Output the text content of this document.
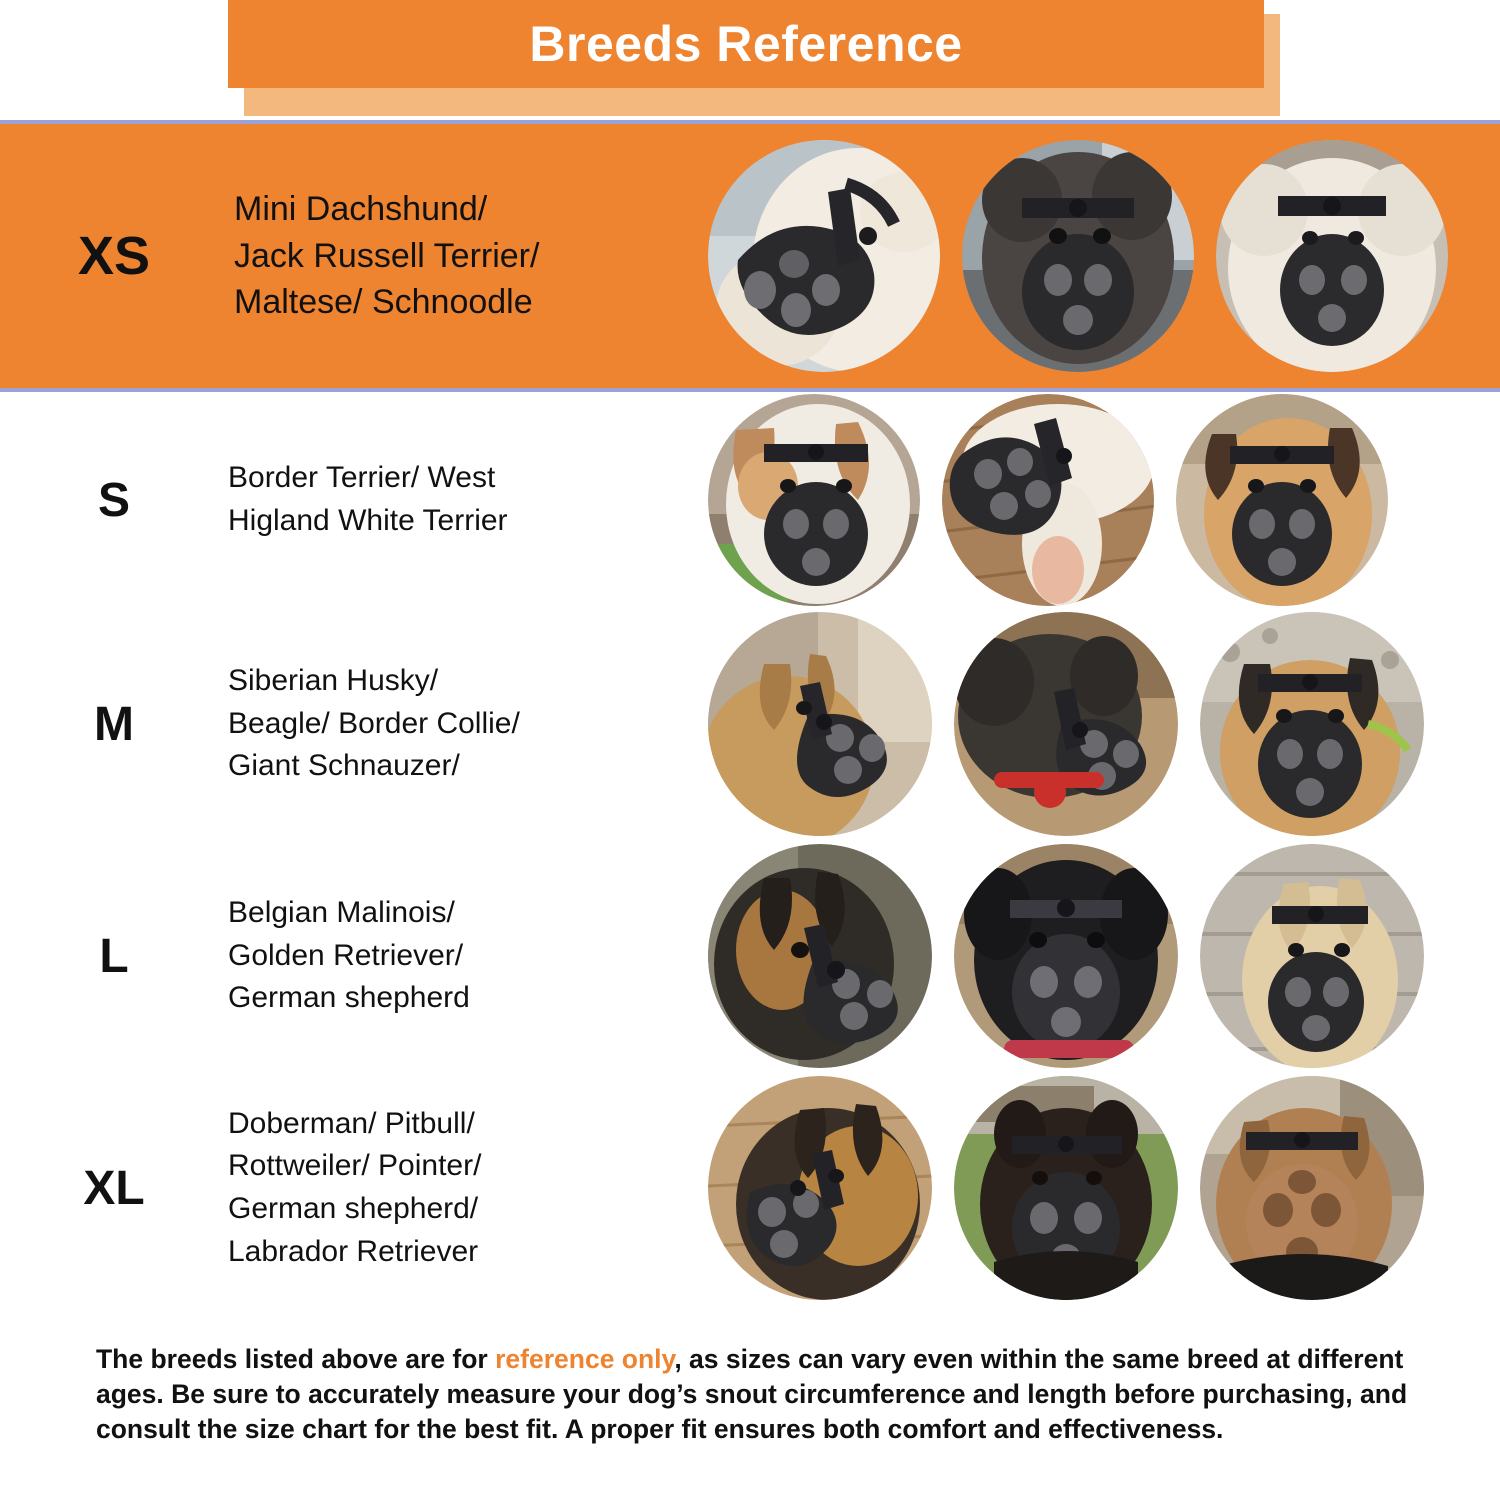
Breeds Reference
XS
Mini Dachshund/
Jack Russell Terrier/
Maltese/ Schnoodle
S	Border Terrier/ West
Higland White Terrier
M
Siberian Husky/
Beagle/ Border Collie/
Giant Schnauzer/
L
Belgian Malinois/
Golden Retriever/
German shepherd
XL
Doberman/ Pitbull/
Rottweiler/ Pointer/
German shepherd/
Labrador Retriever
The breeds listed above are for reference only, as sizes can vary even within the same breed at different ages. Be sure to accurately measure your dog’s snout circumference and length before purchasing, and consult the size chart for the best fit. A proper fit ensures both comfort and effectiveness.
